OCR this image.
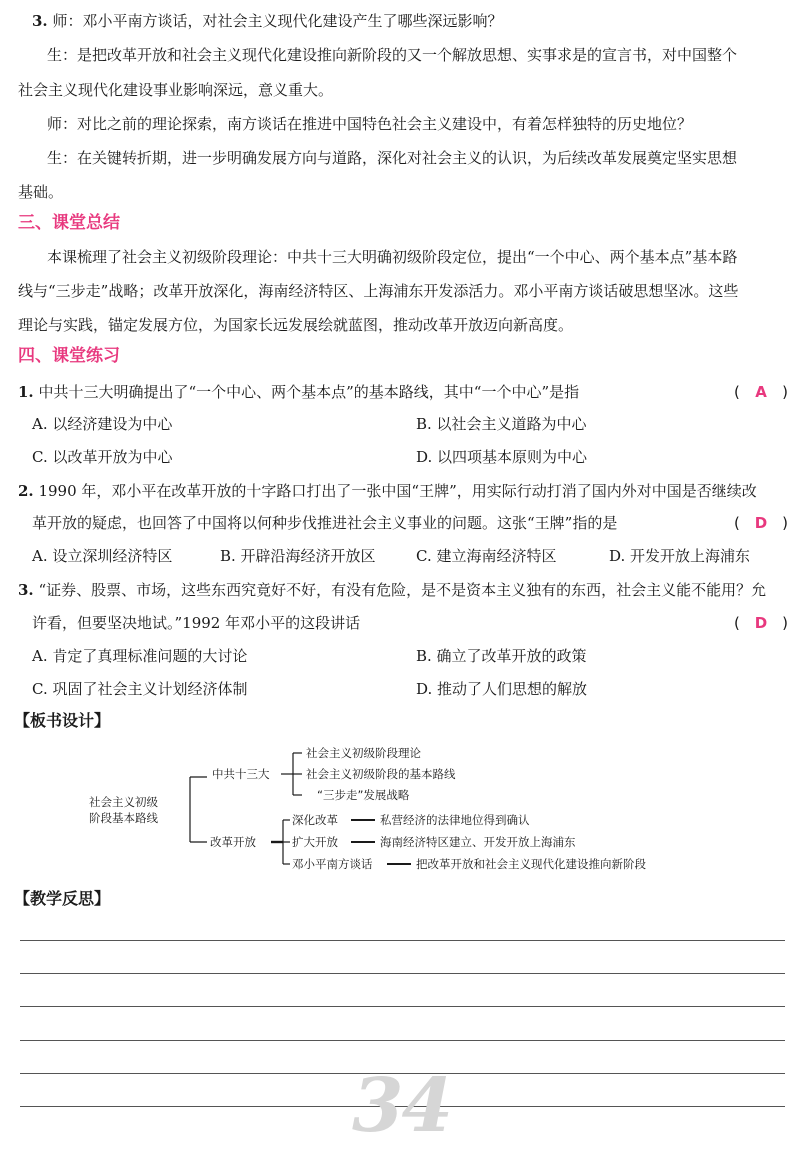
3. 师：邓小平南方谈话，对社会主义现代化建设产生了哪些深远影响？
生：是把改革开放和社会主义现代化建设推向新阶段的又一个解放思想、实事求是的宣言书，对中国整个
社会主义现代化建设事业影响深远，意义重大。
师：对比之前的理论探索，南方谈话在推进中国特色社会主义建设中，有着怎样独特的历史地位？
生：在关键转折期，进一步明确发展方向与道路，深化对社会主义的认识，为后续改革发展奠定坚实思想
基础。
三、课堂总结
本课梳理了社会主义初级阶段理论：中共十三大明确初级阶段定位，提出“一个中心、两个基本点”基本路
线与“三步走”战略；改革开放深化，海南经济特区、上海浦东开发添活力。邓小平南方谈话破思想坚冰。这些
理论与实践，锚定发展方位，为国家长远发展绘就蓝图，推动改革开放迈向新高度。
四、课堂练习
1. 中共十三大明确提出了“一个中心、两个基本点”的基本路线，其中“一个中心”是指	( A )
A. 以经济建设为中心	B. 以社会主义道路为中心
C. 以改革开放为中心	D. 以四项基本原则为中心
2. 1990 年，邓小平在改革开放的十字路口打出了一张中国“王牌”，用实际行动打消了国内外对中国是否继续改
革开放的疑虑，也回答了中国将以何种步伐推进社会主义事业的问题。这张“王牌”指的是	( D )
A. 设立深圳经济特区	B. 开辟沿海经济开放区	C. 建立海南经济特区	D. 开发开放上海浦东
3. “证券、股票、市场，这些东西究竟好不好，有没有危险，是不是资本主义独有的东西，社会主义能不能用？允
许看，但要坚决地试。”1992 年邓小平的这段讲话	( D )
A. 肯定了真理标准问题的大讨论	B. 确立了改革开放的政策
C. 巩固了社会主义计划经济体制	D. 推动了人们思想的解放
【板书设计】
社会主义初级
阶段基本路线
中共十三大
社会主义初级阶段理论
社会主义初级阶段的基本路线
“三步走”发展战略
改革开放
深化改革	私营经济的法律地位得到确认
扩大开放	海南经济特区建立、开发开放上海浦东
邓小平南方谈话	把改革开放和社会主义现代化建设推向新阶段
【教学反思】
34
